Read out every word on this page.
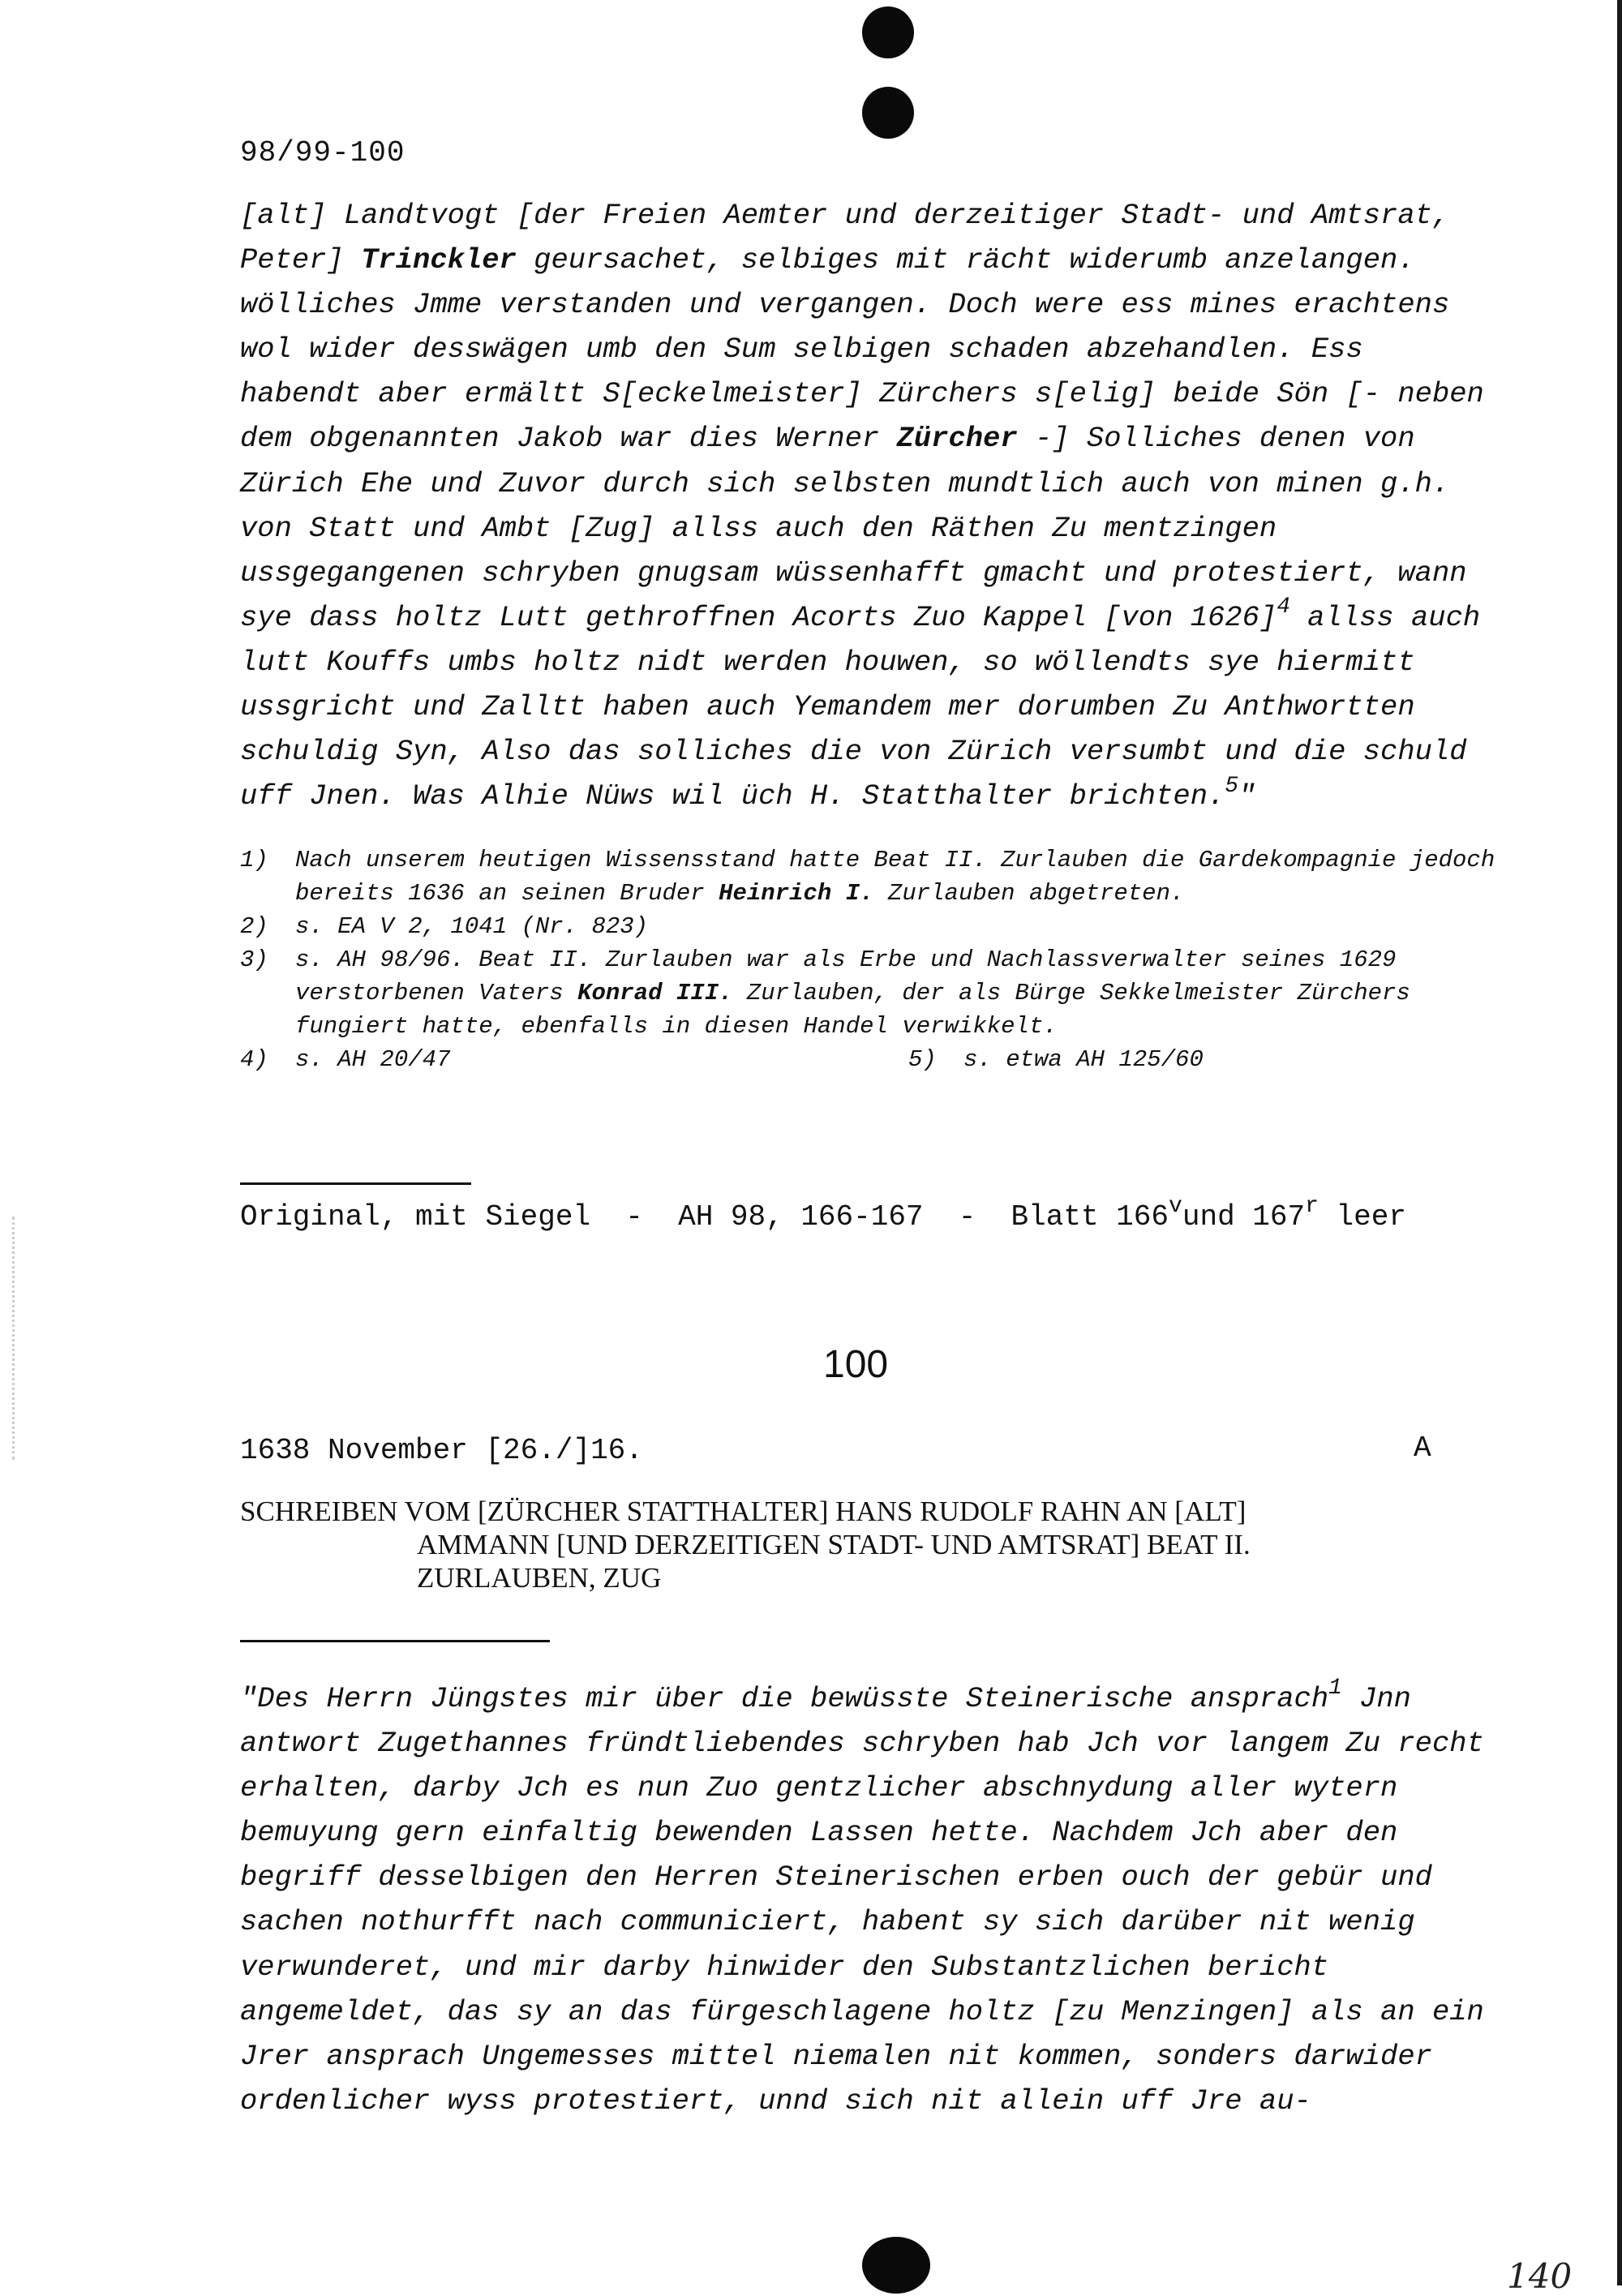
98/99-100

[alt] Landtvogt [der Freien Aemter und derzeitiger Stadt- und Amtsrat, Peter] Trinckler geursachet, selbiges mit rächt widerumb anzelangen. wölliches Jmme verstanden und vergangen. Doch were ess mines erachtens wol wider desswägen umb den Sum selbigen schaden abzehandlen. Ess habendt aber ermältt S[eckelmeister] Zürchers s[elig] beide Sön [- neben dem obgenannten Jakob war dies Werner Zürcher -] Solliches denen von Zürich Ehe und Zuvor durch sich selbsten mundtlich auch von minen g.h. von Statt und Ambt [Zug] allss auch den Räthen Zu mentzingen ussgegangenen schryben gnugsam wüssenhafft gmacht und protestiert, wann sye dass holtz Lutt gethroffnen Acorts Zuo Kappel [von 1626]$^4$ allss auch lutt Kouffs umbs holtz nidt werden houwen, so wöllendts sye hiermitt ussgricht und Zalltt haben auch Yemandem mer dorumben Zu Anthwortten schuldig Syn, Also das solliches die von Zürich versumbt und die schuld uff Jnen. Was Alhie Nüws wil üch H. Statthalter brichten.$^5$"

1) Nach unserem heutigen Wissensstand hatte Beat II. Zurlauben die Gardekompagnie jedoch bereits 1636 an seinen Bruder Heinrich I. Zurlauben abgetreten.
2) s. EA V 2, 1041 (Nr. 823)
3) s. AH 98/96. Beat II. Zurlauben war als Erbe und Nachlassverwalter seines 1629 verstorbenen Vaters Konrad III. Zurlauben, der als Bürge Sekkelmeister Zürchers fungiert hatte, ebenfalls in diesen Handel verwikkelt.
4) s. AH 20/47	5) s. etwa AH 125/60
Original, mit Siegel  -  AH 98, 166-167  -  Blatt 166$^v$und 167$^r$ leer
100
1638 November [26./]16.	A
SCHREIBEN VOM [ZÜRCHER STATTHALTER] HANS RUDOLF RAHN AN [ALT]
AMMANN [UND DERZEITIGEN STADT- UND AMTSRAT] BEAT II.
ZURLAUBEN, ZUG

"Des Herrn Jüngstes mir über die bewüsste Steinerische ansprach$^1$ Jnn antwort Zugethannes fründtliebendes schryben hab Jch vor langem Zu recht erhalten, darby Jch es nun Zuo gentzlicher abschnydung aller wytern bemuyung gern einfaltig bewenden Lassen hette. Nachdem Jch aber den begriff desselbigen den Herren Steinerischen erben ouch der gebür und sachen nothurfft nach communiciert, habent sy sich darüber nit wenig verwunderet, und mir darby hinwider den Substantzlichen bericht angemeldet, das sy an das fürgeschlagene holtz [zu Menzingen] als an ein Jrer ansprach Ungemesses mittel niemalen nit kommen, sonders darwider ordenlicher wyss protestiert, unnd sich nit allein uff Jre au-

140
